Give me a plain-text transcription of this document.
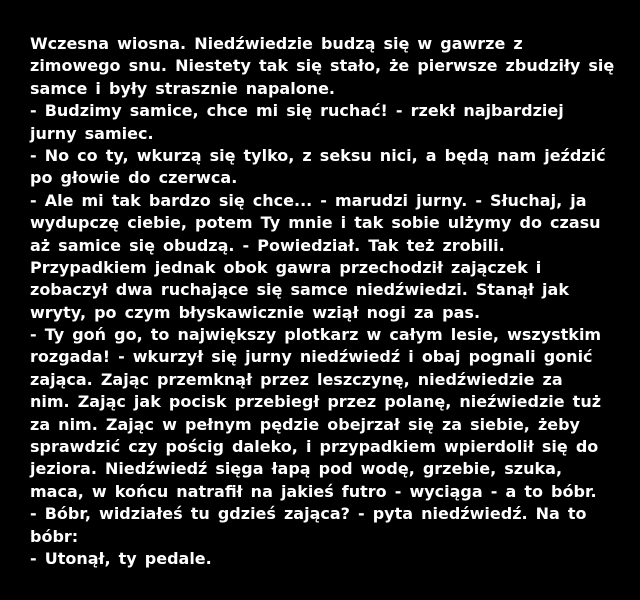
Wczesna wiosna. Niedźwiedzie budzą się w gawrze z
zimowego snu. Niestety tak się stało, że pierwsze zbudziły się
samce i były strasznie napalone.
- Budzimy samice, chce mi się ruchać! - rzekł najbardziej
jurny samiec.
- No co ty, wkurzą się tylko, z seksu nici, a będą nam jeździć
po głowie do czerwca.
- Ale mi tak bardzo się chce... - marudzi jurny. - Słuchaj, ja
wydupczę ciebie, potem Ty mnie i tak sobie ulżymy do czasu
aż samice się obudzą. - Powiedział. Tak też zrobili.
Przypadkiem jednak obok gawra przechodził zajączek i
zobaczył dwa ruchające się samce niedźwiedzi. Stanął jak
wryty, po czym błyskawicznie wziął nogi za pas.
- Ty goń go, to największy plotkarz w całym lesie, wszystkim
rozgada! - wkurzył się jurny niedźwiedź i obaj pognali gonić
zająca. Zając przemknął przez leszczynę, niedźwiedzie za
nim. Zając jak pocisk przebiegł przez polanę, nieźwiedzie tuż
za nim. Zając w pełnym pędzie obejrzał się za siebie, żeby
sprawdzić czy pościg daleko, i przypadkiem wpierdolił się do
jeziora. Niedźwiedź sięga łapą pod wodę, grzebie, szuka,
maca, w końcu natrafił na jakieś futro - wyciąga - a to bóbr.
- Bóbr, widziałeś tu gdzieś zająca? - pyta niedźwiedź. Na to
bóbr:
- Utonął, ty pedale.
